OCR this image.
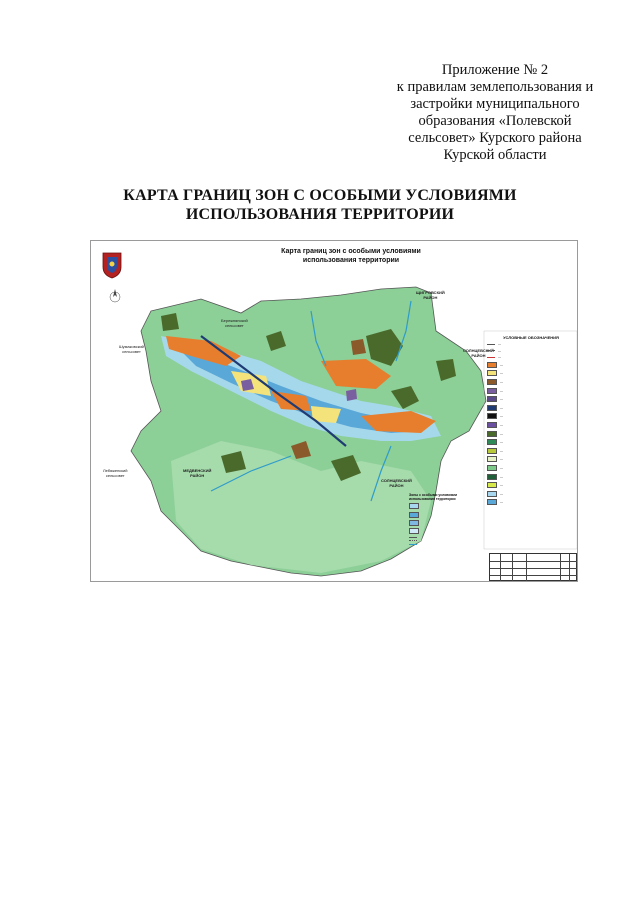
Приложение № 2
к правилам землепользования и
застройки муниципального
образования «Полевской
сельсовет» Курского района
Курской области
КАРТА ГРАНИЦ ЗОН С ОСОБЫМИ УСЛОВИЯМИ
ИСПОЛЬЗОВАНИЯ ТЕРРИТОРИИ
Карта границ зон с особыми условиями
использования территории
ЩИГРОВСКИЙ
РАЙОН
СОЛНЦЕВСКИЙ
РАЙОН
СОЛНЦЕВСКИЙ
РАЙОН
МЕДВЕНСКИЙ
РАЙОН
Бережнянский
сельсовет
Шумаковский
сельсовет
Лебяженский
сельсовет
УСЛОВНЫЕ ОБОЗНАЧЕНИЯ
—
—
—
—
—
—
—
—
—
—
—
—
—
—
—
—
—
—
—
—
Зоны с особыми условиями использования территории
